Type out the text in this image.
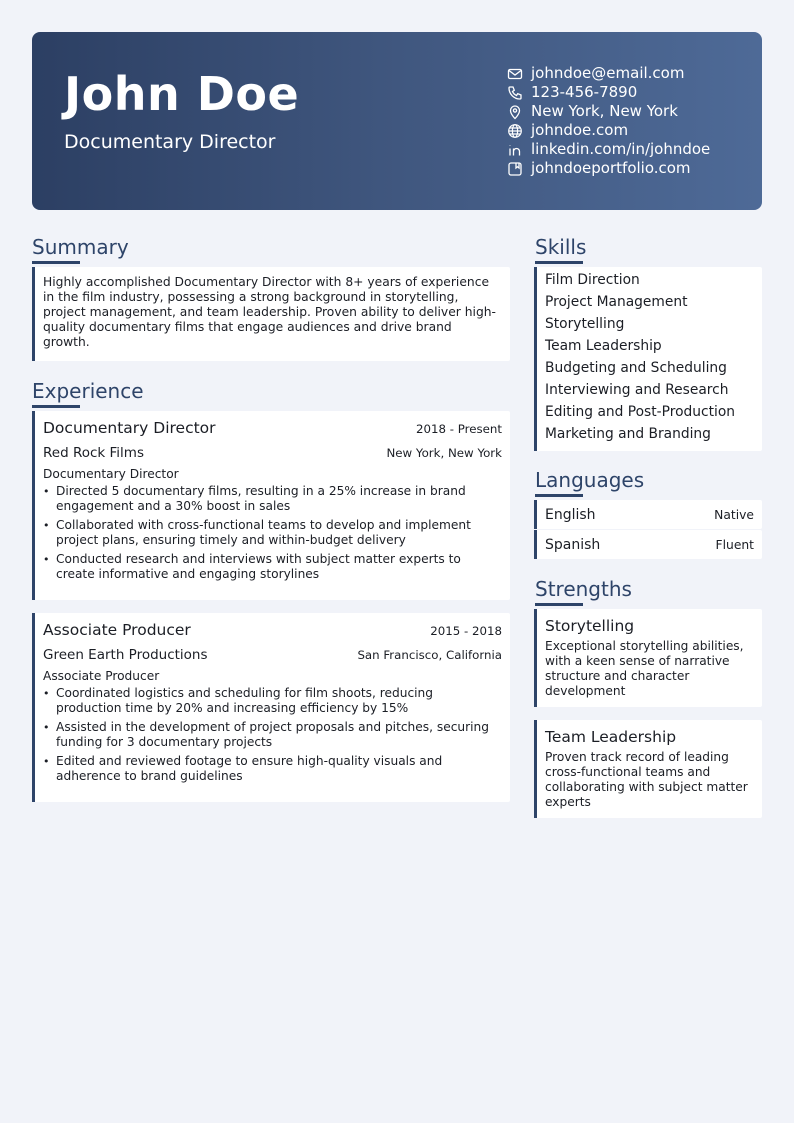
John Doe
Documentary Director
johndoe@email.com
123-456-7890
New York, New York
johndoe.com
linkedin.com/in/johndoe
johndoeportfolio.com
Summary
Highly accomplished Documentary Director with 8+ years of experience in the film industry, possessing a strong background in storytelling, project management, and team leadership. Proven ability to deliver high-quality documentary films that engage audiences and drive brand growth.
Experience
Documentary Director	2018 - Present
Red Rock Films	New York, New York
Documentary Director
• Directed 5 documentary films, resulting in a 25% increase in brand engagement and a 30% boost in sales
• Collaborated with cross-functional teams to develop and implement project plans, ensuring timely and within-budget delivery
• Conducted research and interviews with subject matter experts to create informative and engaging storylines
Associate Producer	2015 - 2018
Green Earth Productions	San Francisco, California
Associate Producer
• Coordinated logistics and scheduling for film shoots, reducing production time by 20% and increasing efficiency by 15%
• Assisted in the development of project proposals and pitches, securing funding for 3 documentary projects
• Edited and reviewed footage to ensure high-quality visuals and adherence to brand guidelines
Skills
Film Direction
Project Management
Storytelling
Team Leadership
Budgeting and Scheduling
Interviewing and Research
Editing and Post-Production
Marketing and Branding
Languages
English	Native
Spanish	Fluent
Strengths
Storytelling
Exceptional storytelling abilities, with a keen sense of narrative structure and character development
Team Leadership
Proven track record of leading cross-functional teams and collaborating with subject matter experts
